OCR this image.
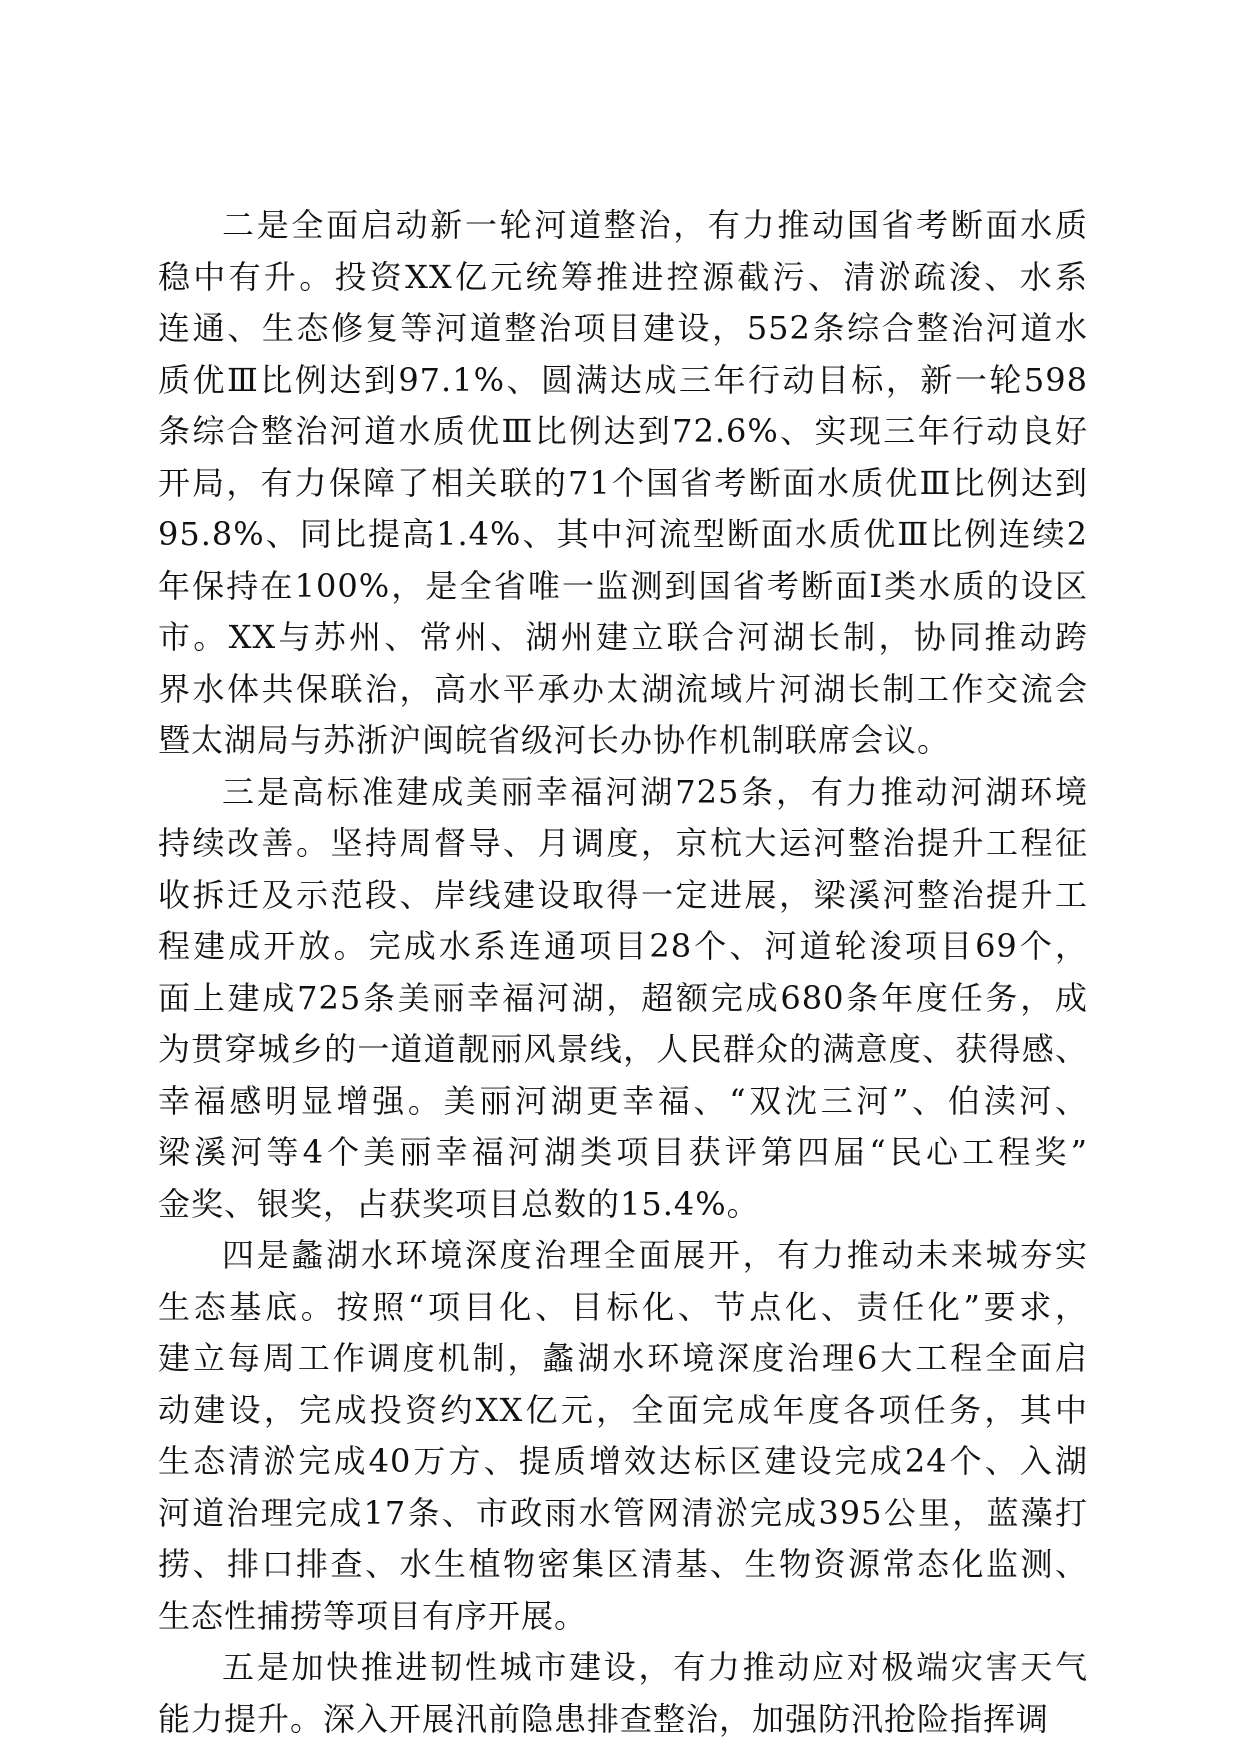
二是全面启动新一轮河道整治，有力推动国省考断面水质
稳中有升。投资XX亿元统筹推进控源截污、清淤疏浚、水系
连通、生态修复等河道整治项目建设，552条综合整治河道水
质优Ⅲ比例达到97.1%、圆满达成三年行动目标，新一轮598
条综合整治河道水质优Ⅲ比例达到72.6%、实现三年行动良好
开局，有力保障了相关联的71个国省考断面水质优Ⅲ比例达到
95.8%、同比提高1.4%、其中河流型断面水质优Ⅲ比例连续2
年保持在100%，是全省唯一监测到国省考断面Ⅰ类水质的设区
市。XX与苏州、常州、湖州建立联合河湖长制，协同推动跨
界水体共保联治，高水平承办太湖流域片河湖长制工作交流会
暨太湖局与苏浙沪闽皖省级河长办协作机制联席会议。
三是高标准建成美丽幸福河湖725条，有力推动河湖环境
持续改善。坚持周督导、月调度，京杭大运河整治提升工程征
收拆迁及示范段、岸线建设取得一定进展，梁溪河整治提升工
程建成开放。完成水系连通项目28个、河道轮浚项目69个，
面上建成725条美丽幸福河湖，超额完成680条年度任务，成
为贯穿城乡的一道道靓丽风景线，人民群众的满意度、获得感、
幸福感明显增强。美丽河湖更幸福、“双沈三河”、伯渎河、
梁溪河等4个美丽幸福河湖类项目获评第四届“民心工程奖”
金奖、银奖，占获奖项目总数的15.4%。
四是蠡湖水环境深度治理全面展开，有力推动未来城夯实
生态基底。按照“项目化、目标化、节点化、责任化”要求，
建立每周工作调度机制，蠡湖水环境深度治理6大工程全面启
动建设，完成投资约XX亿元，全面完成年度各项任务，其中
生态清淤完成40万方、提质增效达标区建设完成24个、入湖
河道治理完成17条、市政雨水管网清淤完成395公里，蓝藻打
捞、排口排查、水生植物密集区清基、生物资源常态化监测、
生态性捕捞等项目有序开展。
五是加快推进韧性城市建设，有力推动应对极端灾害天气
能力提升。深入开展汛前隐患排查整治，加强防汛抢险指挥调
